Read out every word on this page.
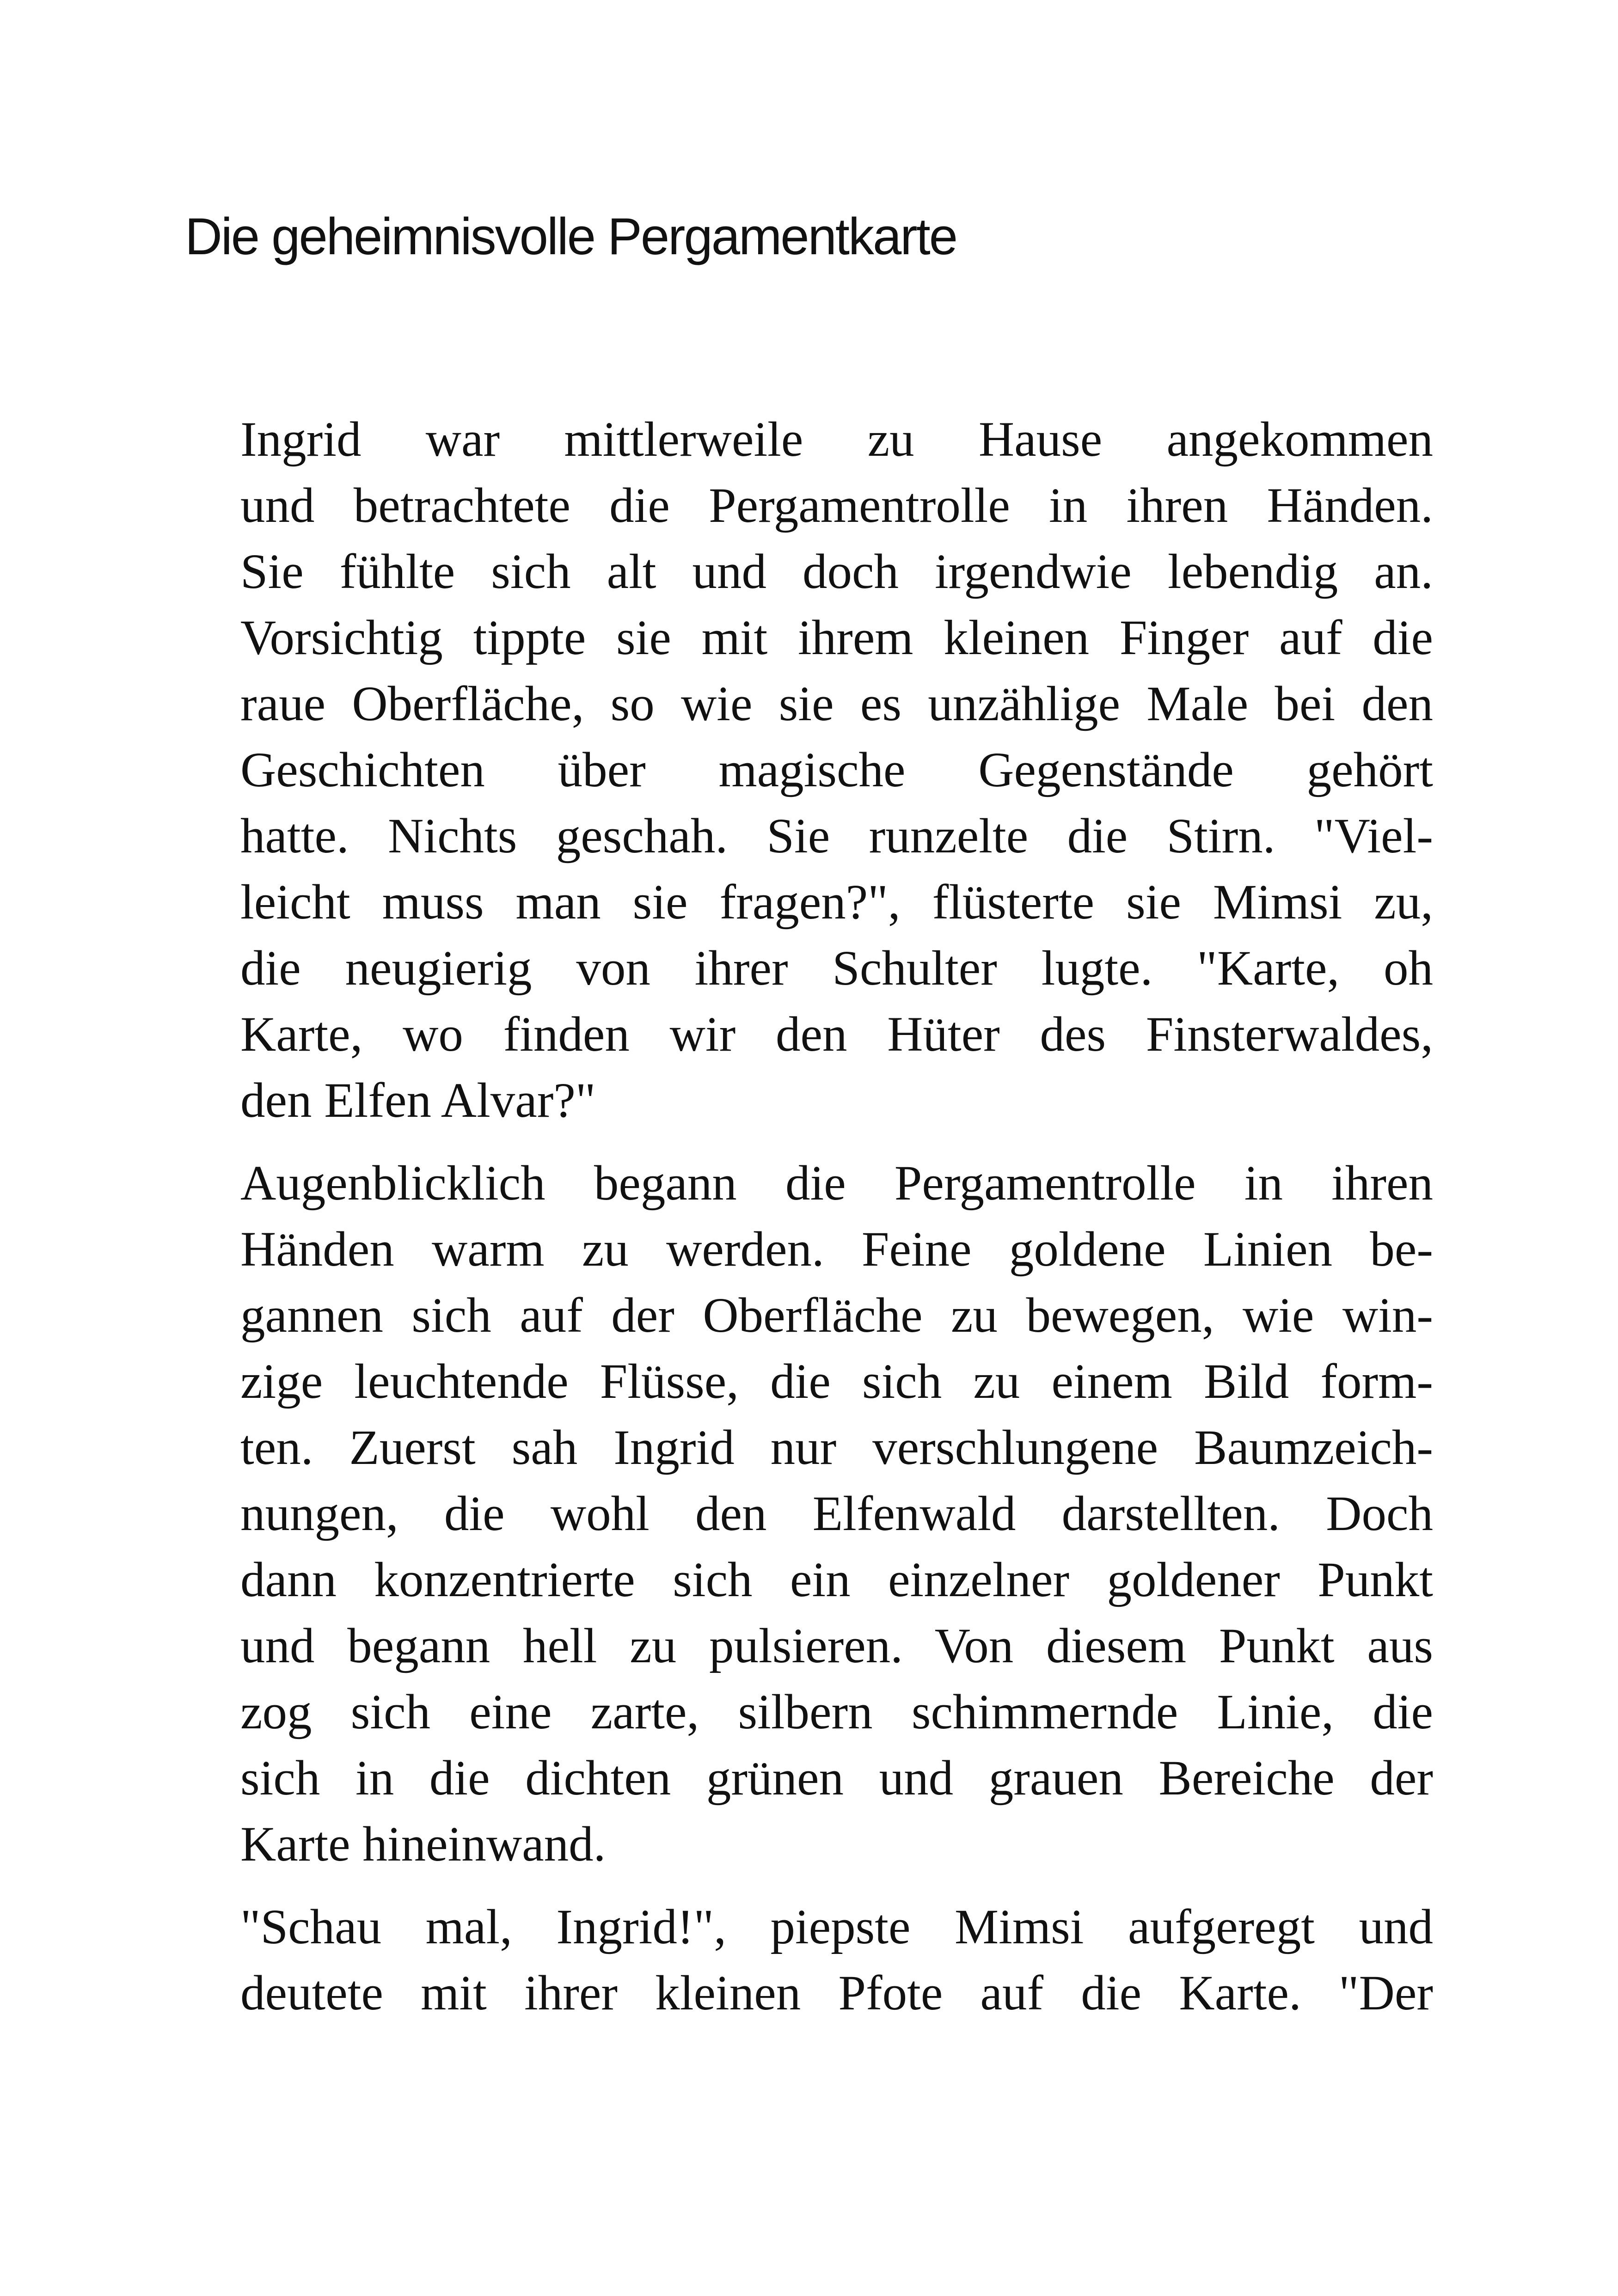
Die geheimnisvolle Pergamentkarte

Ingrid war mittlerweile zu Hause angekommen
und betrachtete die Pergamentrolle in ihren Händen.
Sie fühlte sich alt und doch irgendwie lebendig an.
Vorsichtig tippte sie mit ihrem kleinen Finger auf die
raue Oberfläche, so wie sie es unzählige Male bei den
Geschichten über magische Gegenstände gehört
hatte. Nichts geschah. Sie runzelte die Stirn. "Viel-
leicht muss man sie fragen?", flüsterte sie Mimsi zu,
die neugierig von ihrer Schulter lugte. "Karte, oh
Karte, wo finden wir den Hüter des Finsterwaldes,
den Elfen Alvar?"

Augenblicklich begann die Pergamentrolle in ihren
Händen warm zu werden. Feine goldene Linien be-
gannen sich auf der Oberfläche zu bewegen, wie win-
zige leuchtende Flüsse, die sich zu einem Bild form-
ten. Zuerst sah Ingrid nur verschlungene Baumzeich-
nungen, die wohl den Elfenwald darstellten. Doch
dann konzentrierte sich ein einzelner goldener Punkt
und begann hell zu pulsieren. Von diesem Punkt aus
zog sich eine zarte, silbern schimmernde Linie, die
sich in die dichten grünen und grauen Bereiche der
Karte hineinwand.

"Schau mal, Ingrid!", piepste Mimsi aufgeregt und
deutete mit ihrer kleinen Pfote auf die Karte. "Der
